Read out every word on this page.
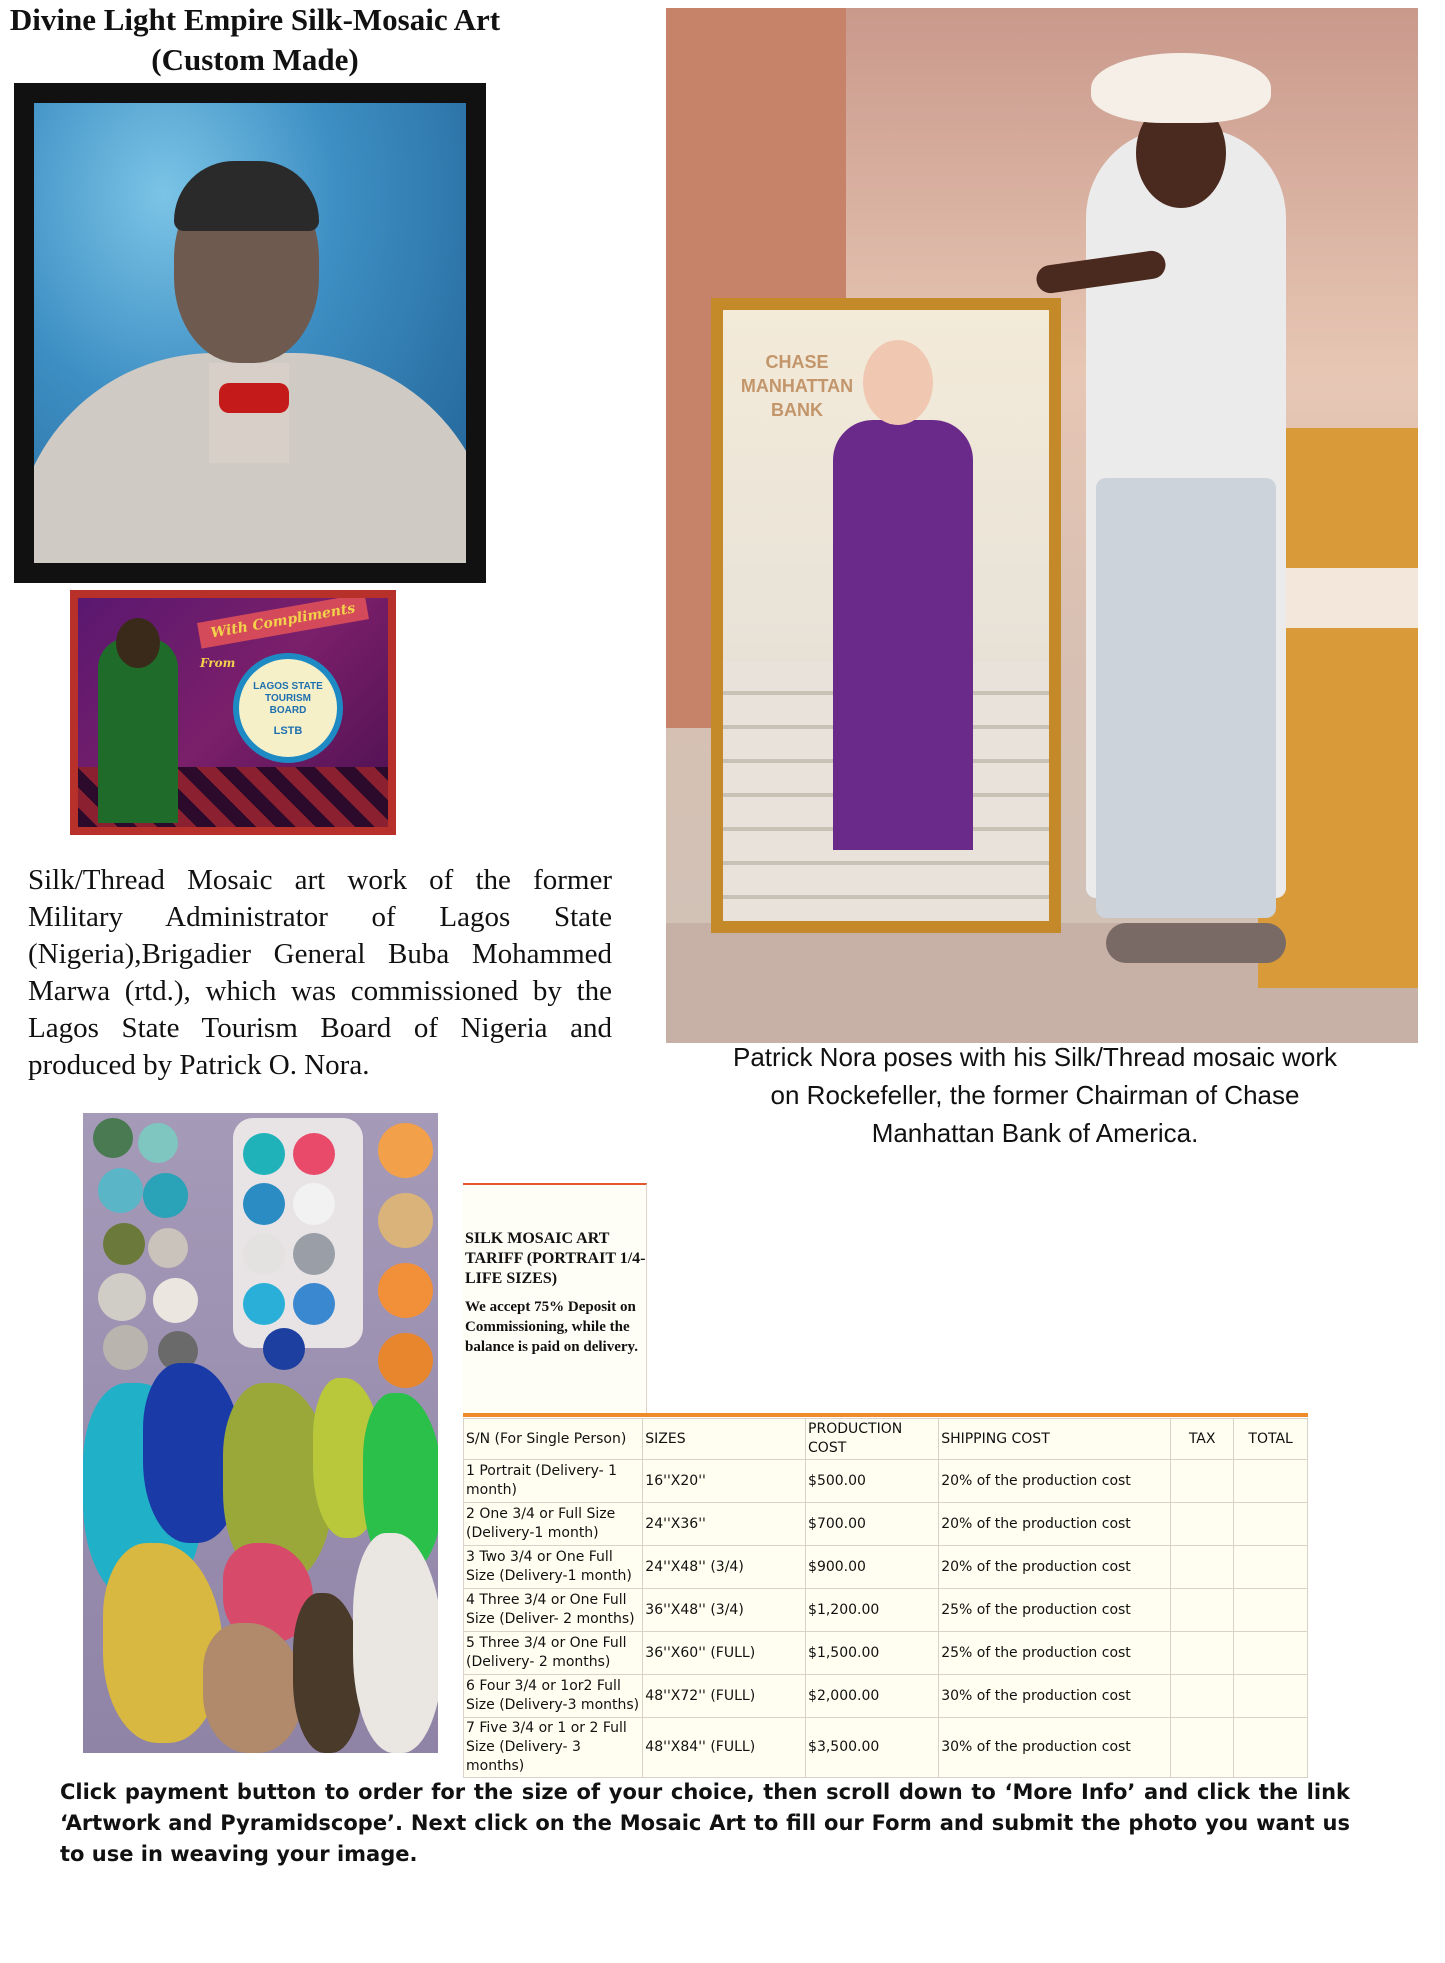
Divine Light Empire Silk-Mosaic Art
(Custom Made)
With Compliments
From
LAGOS STATE TOURISM BOARD
LSTB
Silk/Thread Mosaic art work of the former Military Administrator of Lagos State (Nigeria),Brigadier General Buba Mohammed Marwa (rtd.), which was commissioned by the Lagos State Tourism Board of Nigeria and produced by Patrick O. Nora.
CHASE MANHATTAN BANK
Patrick Nora poses with his Silk/Thread mosaic work
on Rockefeller, the former Chairman of Chase
Manhattan Bank of America.
SILK MOSAIC ART TARIFF (PORTRAIT 1/4-LIFE SIZES)
We accept 75% Deposit on Commissioning, while the balance is paid on delivery.
S/N (For Single Person)	SIZES	PRODUCTION COST	SHIPPING COST	TAX	TOTAL
1 Portrait (Delivery- 1 month)	16''X20''	$500.00	20% of the production cost		
2 One 3/4 or Full Size (Delivery-1 month)	24''X36''	$700.00	20% of the production cost		
3 Two 3/4 or One Full Size (Delivery-1 month)	24''X48'' (3/4)	$900.00	20% of the production cost		
4 Three 3/4 or One Full Size (Deliver- 2 months)	36''X48'' (3/4)	$1,200.00	25% of the production cost		
5 Three 3/4 or One Full (Delivery- 2 months)	36''X60'' (FULL)	$1,500.00	25% of the production cost		
6 Four 3/4 or 1or2 Full Size (Delivery-3 months)	48''X72'' (FULL)	$2,000.00	30% of the production cost		
7 Five 3/4 or 1 or 2 Full Size (Delivery- 3 months)	48''X84'' (FULL)	$3,500.00	30% of the production cost		
Click payment button to order for the size of your choice, then scroll down to ‘More Info’ and click the link ‘Artwork and Pyramidscope’. Next click on the Mosaic Art to fill our Form and submit the photo you want us to use in weaving your image.
